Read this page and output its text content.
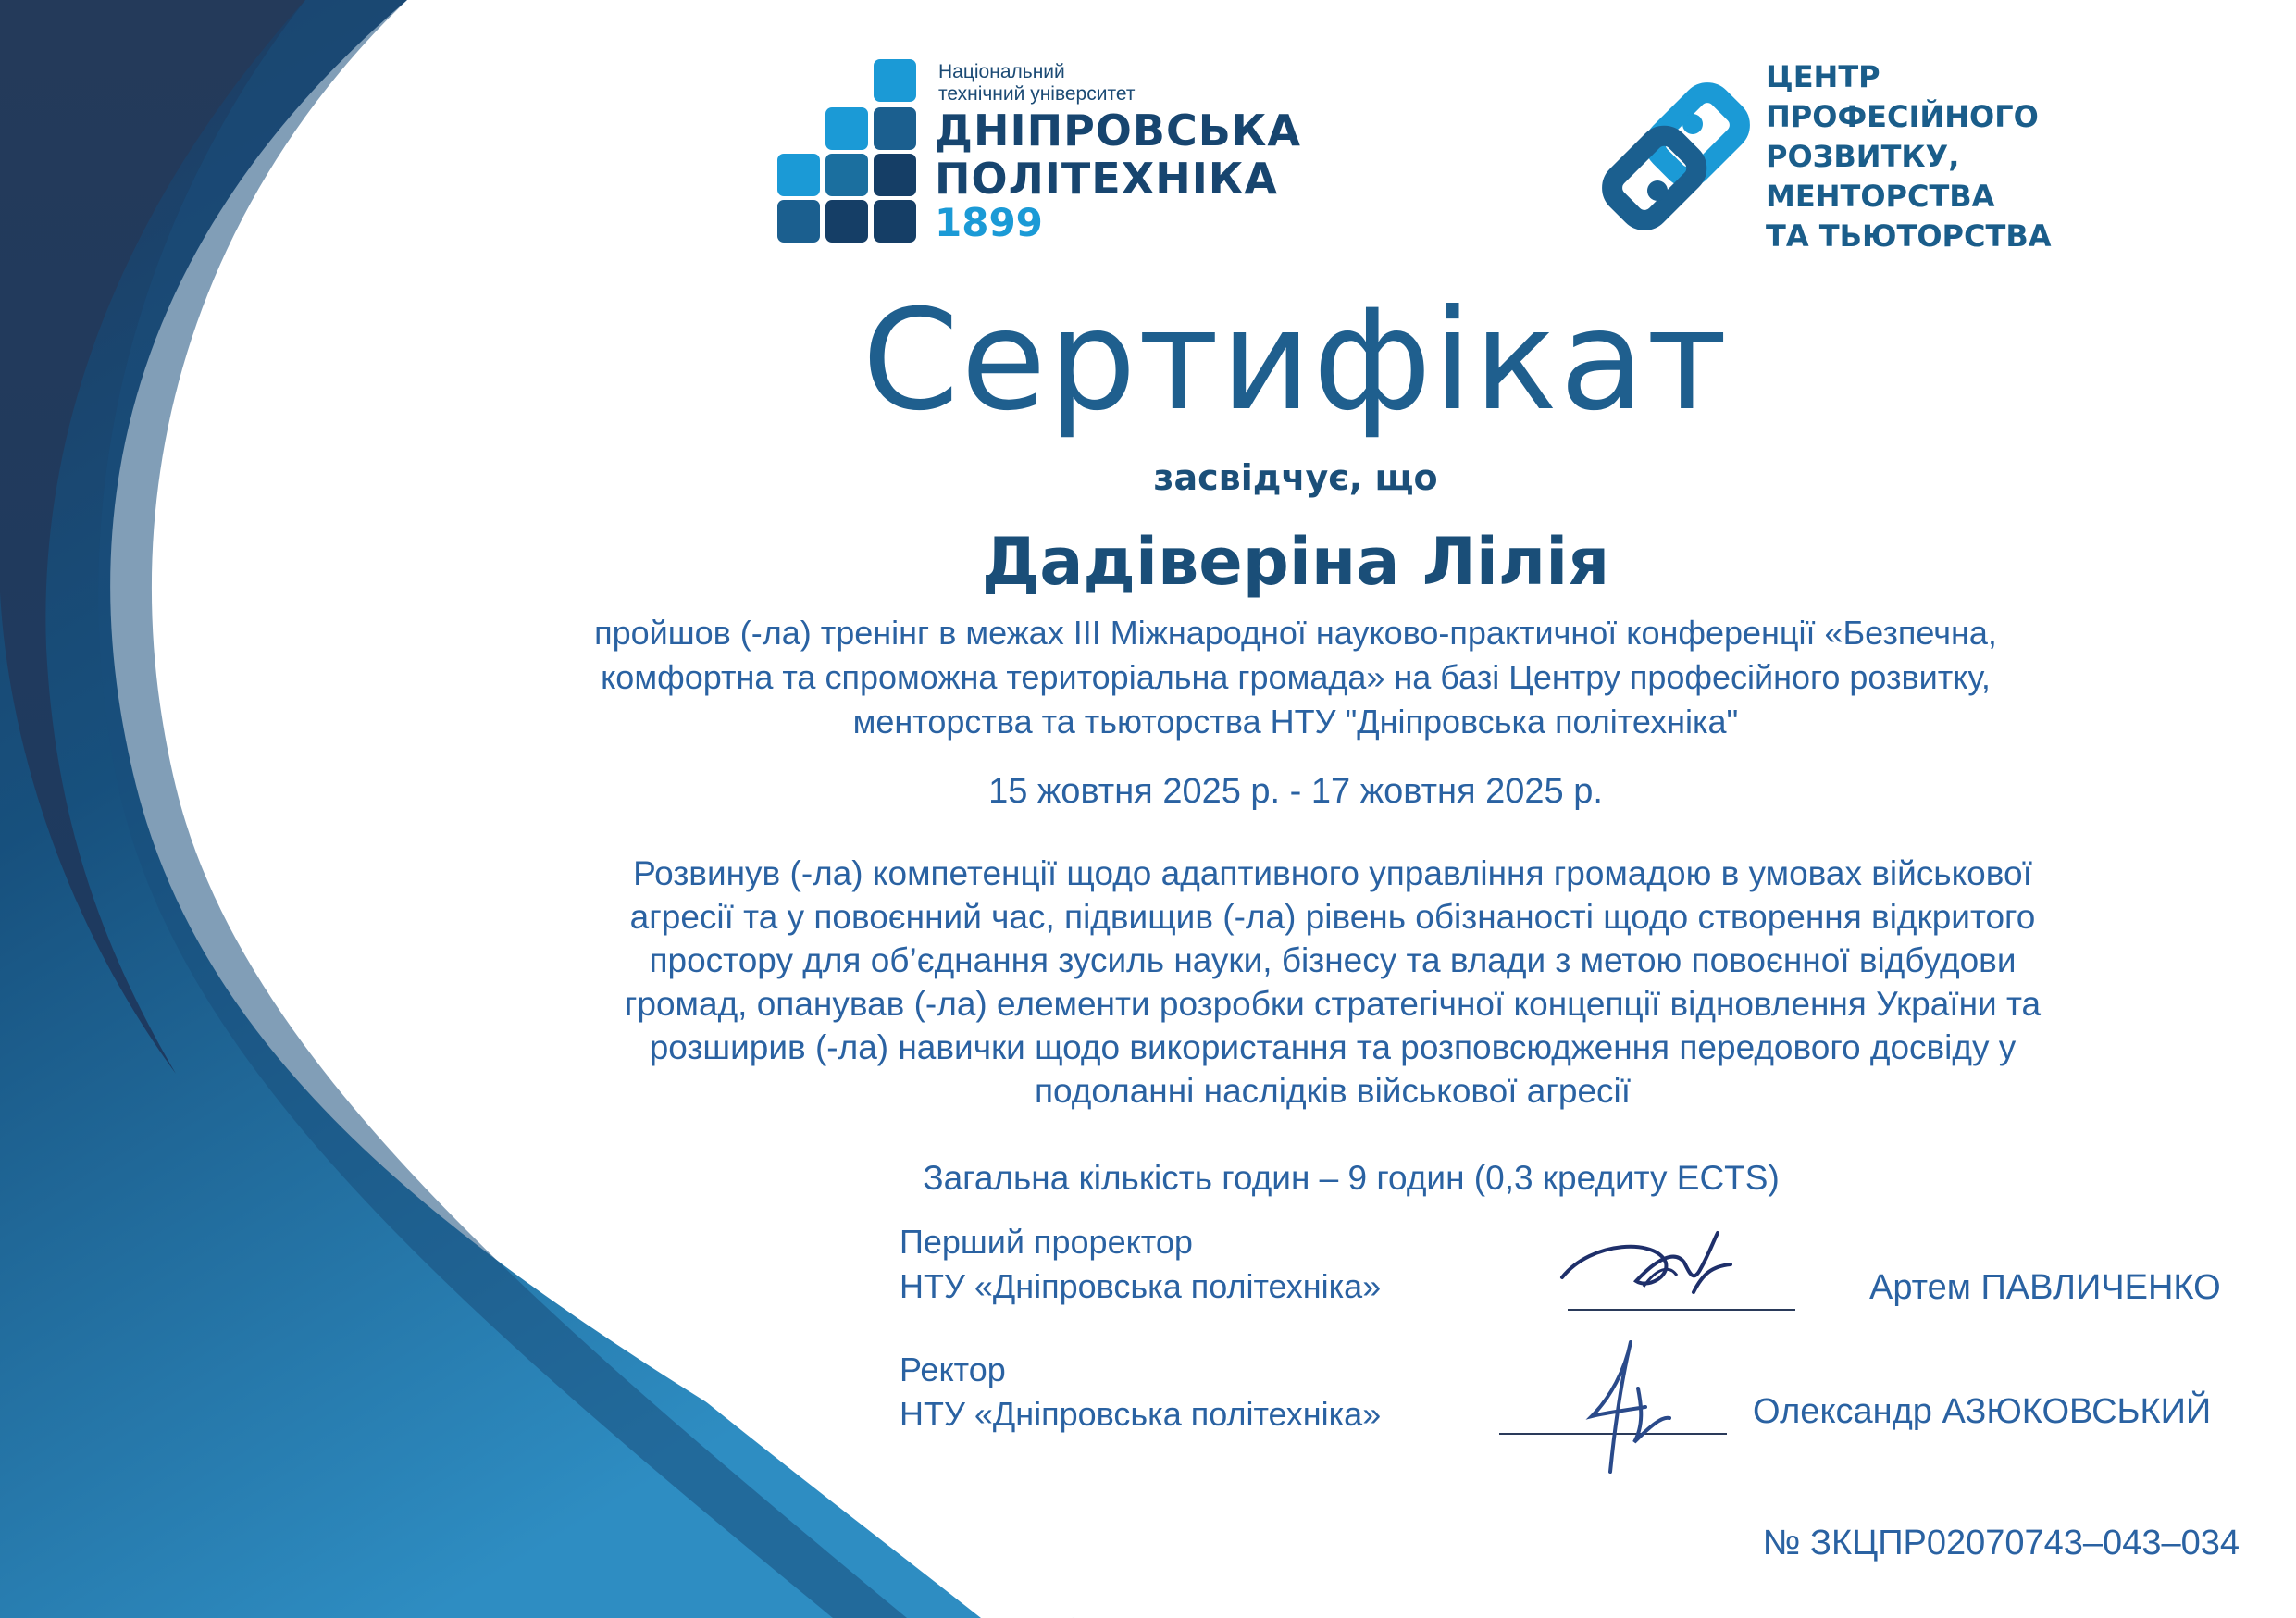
Національний
технічний університет
ДНІПРОВСЬКА
ПОЛІТЕХНІКА
1899
ЦЕНТР
ПРОФЕСІЙНОГО
РОЗВИТКУ,
МЕНТОРСТВА
ТА ТЬЮТОРСТВА
Сертифікат
засвідчує, що
Дадіверіна Лілія
пройшов (-ла) тренінг в межах ІІІ Міжнародної науково-практичної конференції «Безпечна,
комфортна та спроможна територіальна громада» на базі Центру професійного розвитку,
менторства та тьюторства НТУ "Дніпровська політехніка"
15 жовтня 2025 р. - 17 жовтня 2025 р.
Розвинув (-ла) компетенції щодо адаптивного управління громадою в умовах військової
агресії та у повоєнний час, підвищив (-ла) рівень обізнаності щодо створення відкритого
простору для об’єднання зусиль науки, бізнесу та влади з метою повоєнної відбудови
громад, опанував (-ла) елементи розробки стратегічної концепції відновлення України та
розширив (-ла) навички щодо використання та розповсюдження передового досвіду у
подоланні наслідків військової агресії
Загальна кількість годин – 9 годин (0,3 кредиту ECTS)
Перший проректор
НТУ «Дніпровська політехніка»	Артем ПАВЛИЧЕНКО
Ректор
НТУ «Дніпровська політехніка»	Олександр АЗЮКОВСЬКИЙ
№ ЗКЦПР02070743–043–034
